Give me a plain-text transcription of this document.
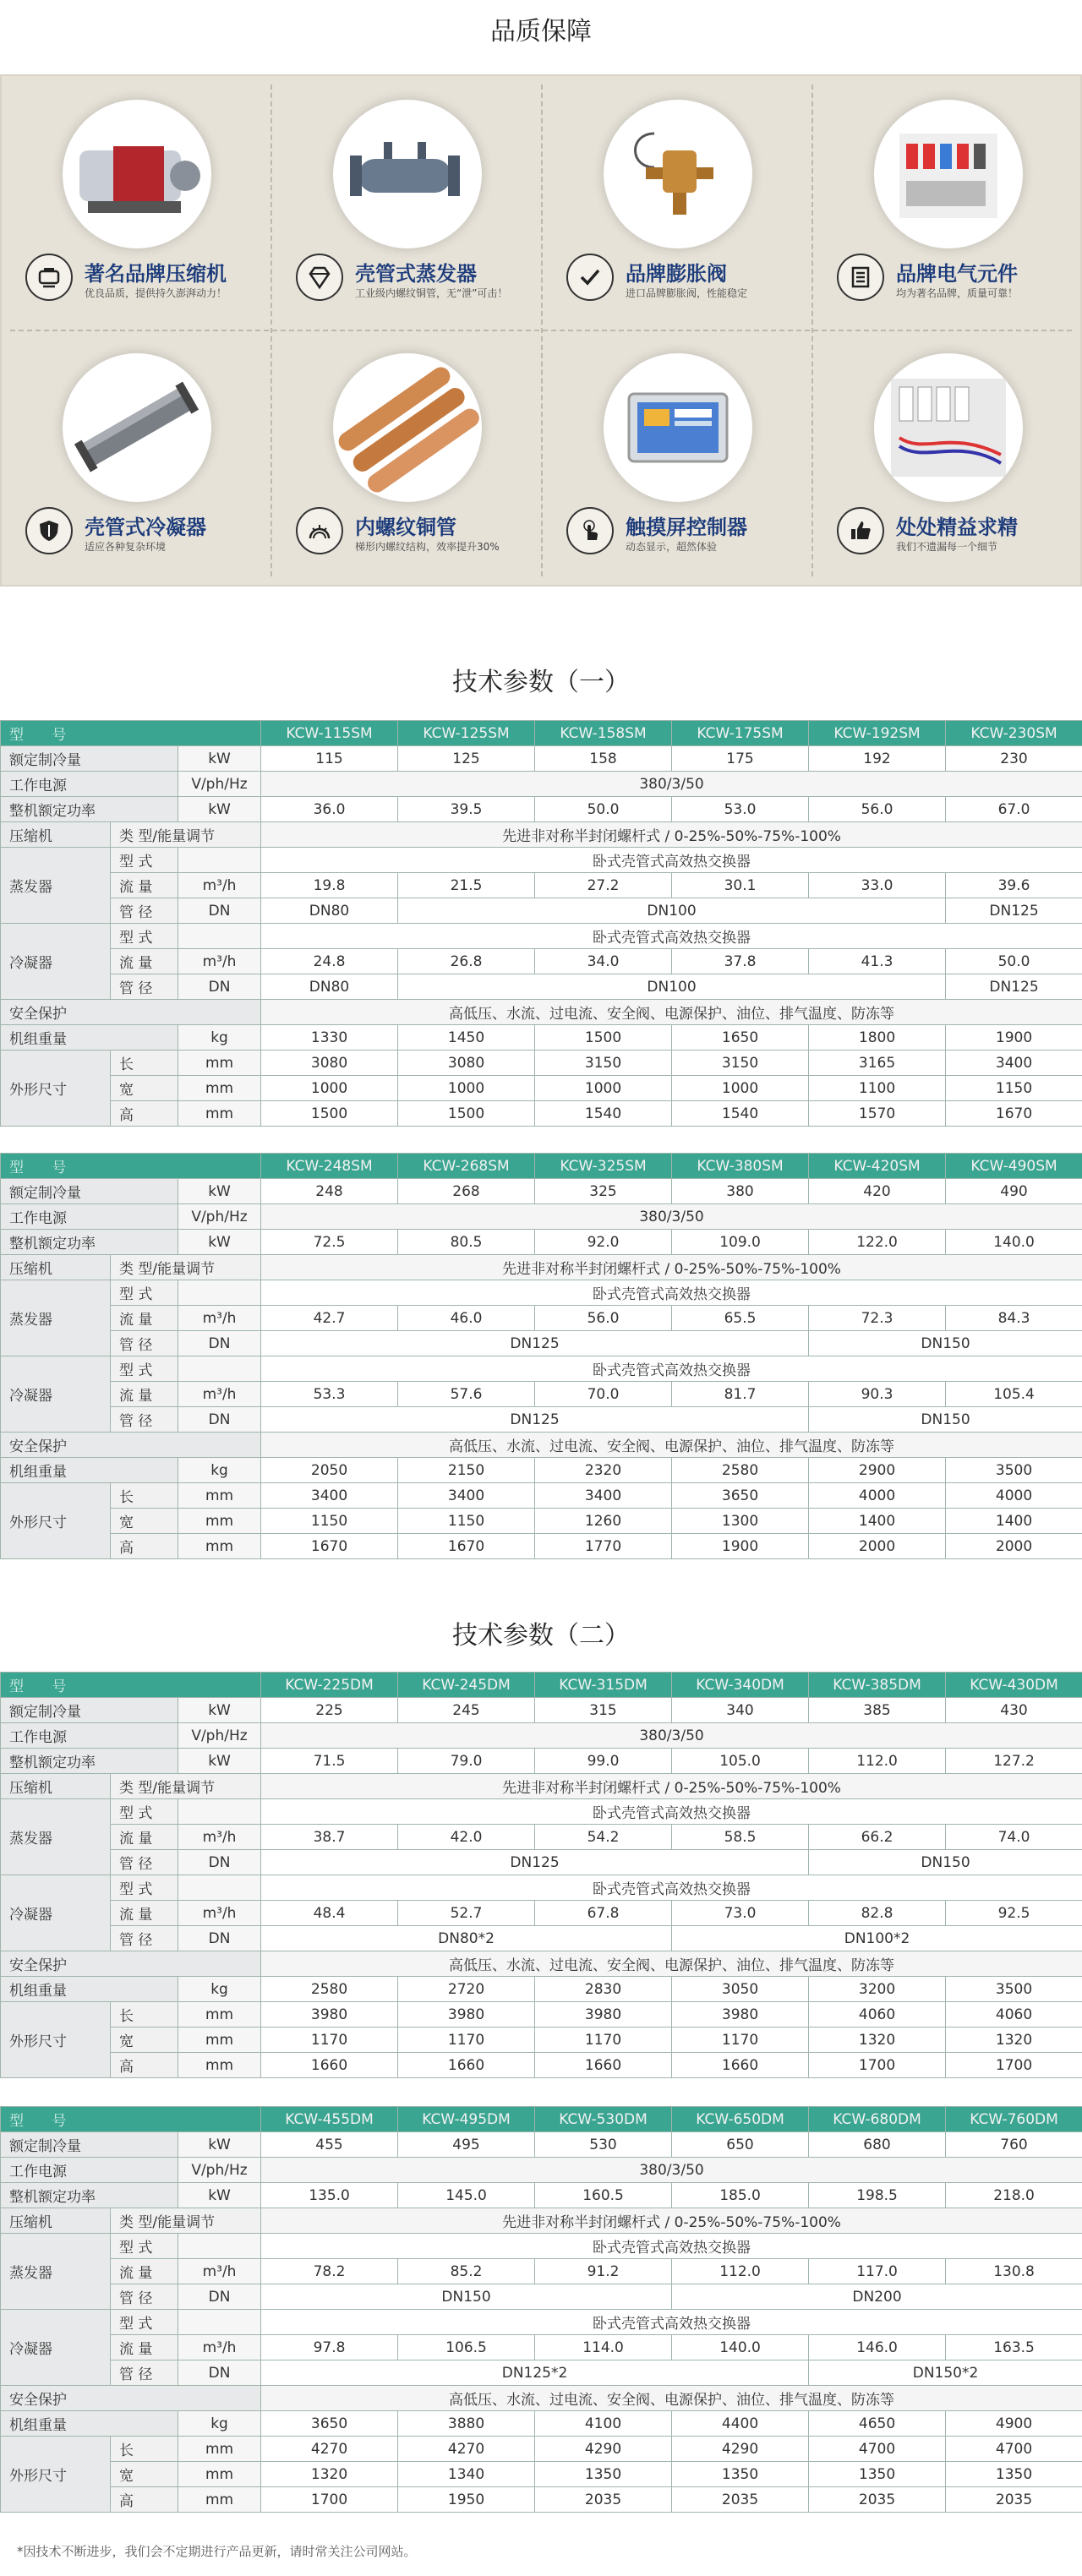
品质保障
著名品牌压缩机
优良品质，提供持久澎湃动力！
壳管式蒸发器
工业级内螺纹铜管，无“泄”可击！
品牌膨胀阀
进口品牌膨胀阀，性能稳定
品牌电气元件
均为著名品牌，质量可靠！
壳管式冷凝器
适应各种复杂环境
内螺纹铜管
梯形内螺纹结构，效率提升30%
触摸屏控制器
动态显示，超然体验
处处精益求精
我们不遗漏每一个细节
技术参数（一）
技术参数（二）
型 号			KCW-115SM	KCW-125SM	KCW-158SM	KCW-175SM	KCW-192SM	KCW-230SM
额定制冷量		kW	115	125	158	175	192	230
工作电源		V/ph/Hz	380/3/50					
整机额定功率		kW	36.0	39.5	50.0	53.0	56.0	67.0
压缩机	类 型/能量调节		先进非对称半封闭螺杆式 / 0-25%-50%-75%-100%					
蒸发器	型 式		卧式壳管式高效热交换器					
	流 量	m³/h	19.8	21.5	27.2	30.1	33.0	39.6
	管 径	DN	DN80	DN100				DN125
冷凝器	型 式		卧式壳管式高效热交换器					
	流 量	m³/h	24.8	26.8	34.0	37.8	41.3	50.0
	管 径	DN	DN80	DN100				DN125
安全保护			高低压、水流、过电流、安全阀、电源保护、油位、排气温度、防冻等					
机组重量		kg	1330	1450	1500	1650	1800	1900
外形尺寸	长	mm	3080	3080	3150	3150	3165	3400
	宽	mm	1000	1000	1000	1000	1100	1150
	高	mm	1500	1500	1540	1540	1570	1670
型 号			KCW-248SM	KCW-268SM	KCW-325SM	KCW-380SM	KCW-420SM	KCW-490SM
额定制冷量		kW	248	268	325	380	420	490
工作电源		V/ph/Hz	380/3/50					
整机额定功率		kW	72.5	80.5	92.0	109.0	122.0	140.0
压缩机	类 型/能量调节		先进非对称半封闭螺杆式 / 0-25%-50%-75%-100%					
蒸发器	型 式		卧式壳管式高效热交换器					
	流 量	m³/h	42.7	46.0	56.0	65.5	72.3	84.3
	管 径	DN	DN125				DN150	
冷凝器	型 式		卧式壳管式高效热交换器					
	流 量	m³/h	53.3	57.6	70.0	81.7	90.3	105.4
	管 径	DN	DN125				DN150	
安全保护			高低压、水流、过电流、安全阀、电源保护、油位、排气温度、防冻等					
机组重量		kg	2050	2150	2320	2580	2900	3500
外形尺寸	长	mm	3400	3400	3400	3650	4000	4000
	宽	mm	1150	1150	1260	1300	1400	1400
	高	mm	1670	1670	1770	1900	2000	2000
型 号			KCW-225DM	KCW-245DM	KCW-315DM	KCW-340DM	KCW-385DM	KCW-430DM
额定制冷量		kW	225	245	315	340	385	430
工作电源		V/ph/Hz	380/3/50					
整机额定功率		kW	71.5	79.0	99.0	105.0	112.0	127.2
压缩机	类 型/能量调节		先进非对称半封闭螺杆式 / 0-25%-50%-75%-100%					
蒸发器	型 式		卧式壳管式高效热交换器					
	流 量	m³/h	38.7	42.0	54.2	58.5	66.2	74.0
	管 径	DN	DN125				DN150	
冷凝器	型 式		卧式壳管式高效热交换器					
	流 量	m³/h	48.4	52.7	67.8	73.0	82.8	92.5
	管 径	DN	DN80*2			DN100*2		
安全保护			高低压、水流、过电流、安全阀、电源保护、油位、排气温度、防冻等					
机组重量		kg	2580	2720	2830	3050	3200	3500
外形尺寸	长	mm	3980	3980	3980	3980	4060	4060
	宽	mm	1170	1170	1170	1170	1320	1320
	高	mm	1660	1660	1660	1660	1700	1700
型 号			KCW-455DM	KCW-495DM	KCW-530DM	KCW-650DM	KCW-680DM	KCW-760DM
额定制冷量		kW	455	495	530	650	680	760
工作电源		V/ph/Hz	380/3/50					
整机额定功率		kW	135.0	145.0	160.5	185.0	198.5	218.0
压缩机	类 型/能量调节		先进非对称半封闭螺杆式 / 0-25%-50%-75%-100%					
蒸发器	型 式		卧式壳管式高效热交换器					
	流 量	m³/h	78.2	85.2	91.2	112.0	117.0	130.8
	管 径	DN	DN150			DN200		
冷凝器	型 式		卧式壳管式高效热交换器					
	流 量	m³/h	97.8	106.5	114.0	140.0	146.0	163.5
	管 径	DN	DN125*2				DN150*2	
安全保护			高低压、水流、过电流、安全阀、电源保护、油位、排气温度、防冻等					
机组重量		kg	3650	3880	4100	4400	4650	4900
外形尺寸	长	mm	4270	4270	4290	4290	4700	4700
	宽	mm	1320	1340	1350	1350	1350	1350
	高	mm	1700	1950	2035	2035	2035	2035
*因技术不断进步，我们会不定期进行产品更新，请时常关注公司网站。
